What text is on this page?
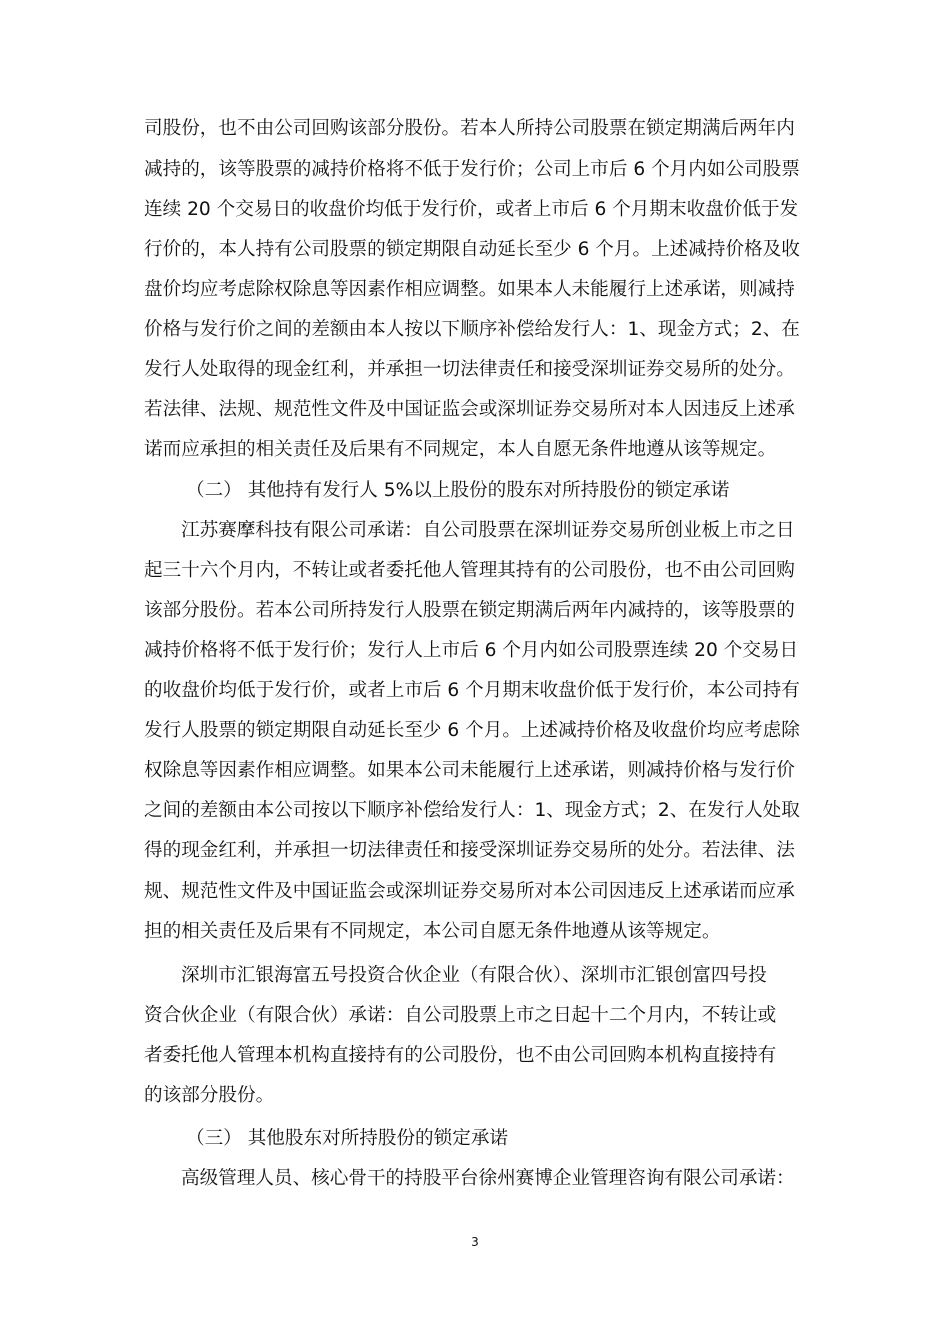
司股份，也不由公司回购该部分股份。若本人所持公司股票在锁定期满后两年内
减持的，该等股票的减持价格将不低于发行价；公司上市后 6 个月内如公司股票
连续 20 个交易日的收盘价均低于发行价，或者上市后 6 个月期末收盘价低于发
行价的，本人持有公司股票的锁定期限自动延长至少 6 个月。上述减持价格及收
盘价均应考虑除权除息等因素作相应调整。如果本人未能履行上述承诺，则减持
价格与发行价之间的差额由本人按以下顺序补偿给发行人：1、现金方式；2、在
发行人处取得的现金红利，并承担一切法律责任和接受深圳证券交易所的处分。
若法律、法规、规范性文件及中国证监会或深圳证券交易所对本人因违反上述承
诺而应承担的相关责任及后果有不同规定，本人自愿无条件地遵从该等规定。
（二） 其他持有发行人 5%以上股份的股东对所持股份的锁定承诺
江苏赛摩科技有限公司承诺：自公司股票在深圳证券交易所创业板上市之日
起三十六个月内，不转让或者委托他人管理其持有的公司股份，也不由公司回购
该部分股份。若本公司所持发行人股票在锁定期满后两年内减持的，该等股票的
减持价格将不低于发行价；发行人上市后 6 个月内如公司股票连续 20 个交易日
的收盘价均低于发行价，或者上市后 6 个月期末收盘价低于发行价，本公司持有
发行人股票的锁定期限自动延长至少 6 个月。上述减持价格及收盘价均应考虑除
权除息等因素作相应调整。如果本公司未能履行上述承诺，则减持价格与发行价
之间的差额由本公司按以下顺序补偿给发行人：1、现金方式；2、在发行人处取
得的现金红利，并承担一切法律责任和接受深圳证券交易所的处分。若法律、法
规、规范性文件及中国证监会或深圳证券交易所对本公司因违反上述承诺而应承
担的相关责任及后果有不同规定，本公司自愿无条件地遵从该等规定。
深圳市汇银海富五号投资合伙企业（有限合伙）、深圳市汇银创富四号投
资合伙企业（有限合伙）承诺：自公司股票上市之日起十二个月内，不转让或
者委托他人管理本机构直接持有的公司股份，也不由公司回购本机构直接持有
的该部分股份。
（三） 其他股东对所持股份的锁定承诺
高级管理人员、核心骨干的持股平台徐州赛博企业管理咨询有限公司承诺：
3
